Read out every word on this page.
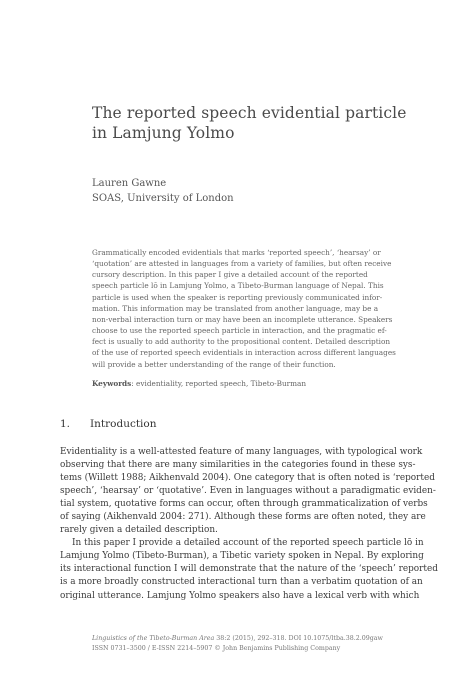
The reported speech evidential particle
in Lamjung Yolmo
Lauren Gawne
SOAS, University of London
Grammatically encoded evidentials that marks ‘reported speech’, ‘hearsay’ or
‘quotation’ are attested in languages from a variety of families, but often receive
cursory description. In this paper I give a detailed account of the reported
speech particle lō in Lamjung Yolmo, a Tibeto-Burman language of Nepal. This
particle is used when the speaker is reporting previously communicated infor-
mation. This information may be translated from another language, may be a
non-verbal interaction turn or may have been an incomplete utterance. Speakers
choose to use the reported speech particle in interaction, and the pragmatic ef-
fect is usually to add authority to the propositional content. Detailed description
of the use of reported speech evidentials in interaction across different languages
will provide a better understanding of the range of their function.
Keywords: evidentiality, reported speech, Tibeto-Burman
1. Introduction
Evidentiality is a well-attested feature of many languages, with typological work
observing that there are many similarities in the categories found in these sys-
tems (Willett 1988; Aikhenvald 2004). One category that is often noted is ‘reported
speech’, ‘hearsay’ or ‘quotative’. Even in languages without a paradigmatic eviden-
tial system, quotative forms can occur, often through grammaticalization of verbs
of saying (Aikhenvald 2004: 271). Although these forms are often noted, they are
rarely given a detailed description.
In this paper I provide a detailed account of the reported speech particle lō in
Lamjung Yolmo (Tibeto-Burman), a Tibetic variety spoken in Nepal. By exploring
its interactional function I will demonstrate that the nature of the ‘speech’ reported
is a more broadly constructed interactional turn than a verbatim quotation of an
original utterance. Lamjung Yolmo speakers also have a lexical verb with which
Linguistics of the Tibeto-Burman Area 38:2 (2015), 292–318. DOI 10.1075/ltba.38.2.09gaw
ISSN 0731–3500 / E-ISSN 2214–5907 © John Benjamins Publishing Company
